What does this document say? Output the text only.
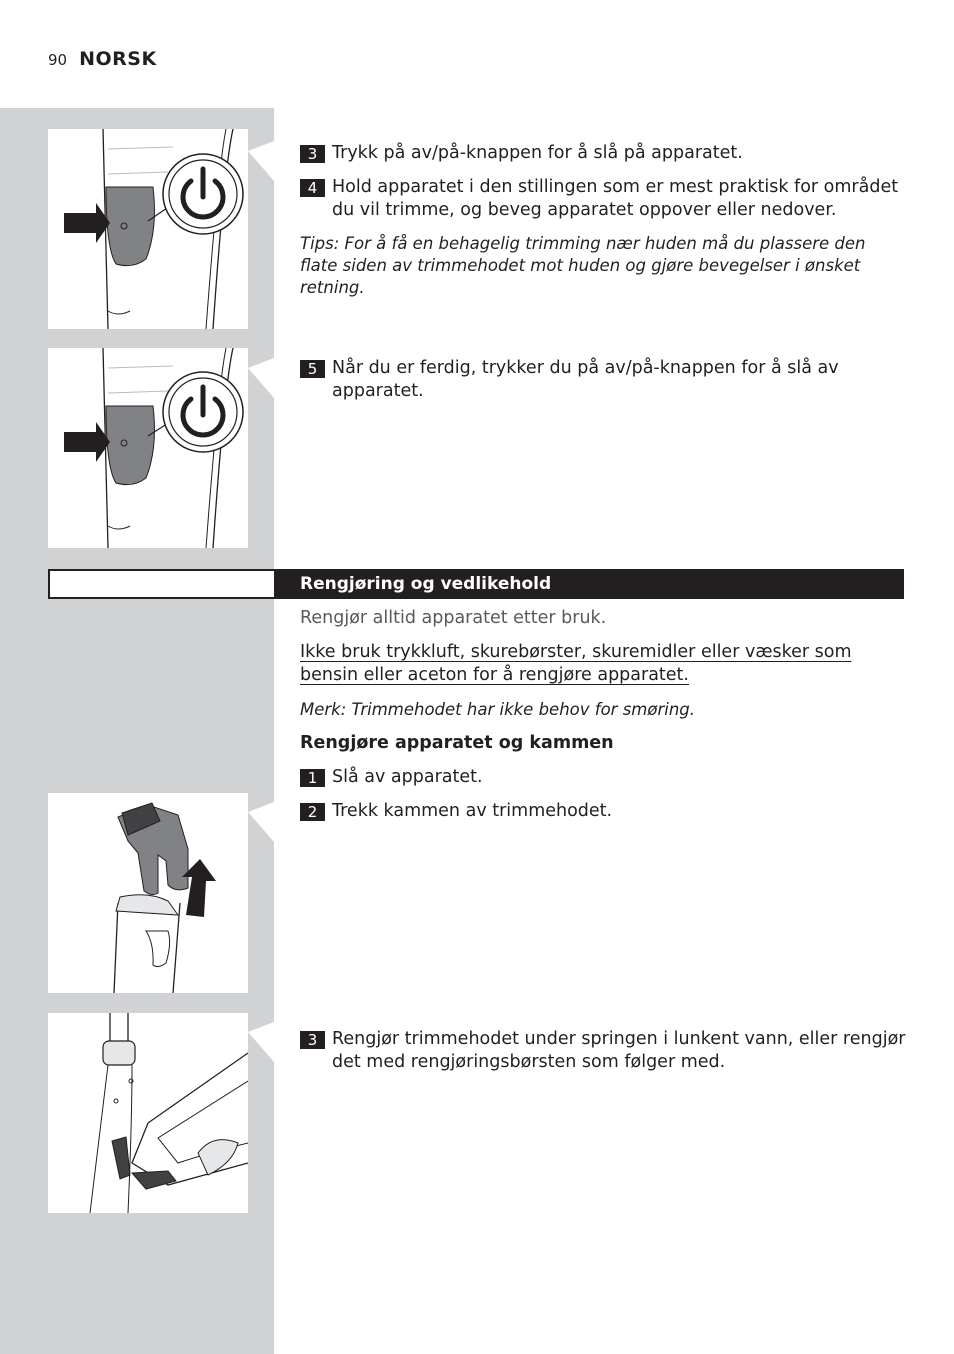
90 NORSK
3 Trykk på av/på-knappen for å slå på apparatet.
4 Hold apparatet i den stillingen som er mest praktisk for området du vil trimme, og beveg apparatet oppover eller nedover.
Tips: For å få en behagelig trimming nær huden må du plassere den flate siden av trimmehodet mot huden og gjøre bevegelser i ønsket retning.
5 Når du er ferdig, trykker du på av/på-knappen for å slå av apparatet.
Rengjøring og vedlikehold
Rengjør alltid apparatet etter bruk.
Ikke bruk trykkluft, skurebørster, skuremidler eller væsker som bensin eller aceton for å rengjøre apparatet.
Merk: Trimmehodet har ikke behov for smøring.
Rengjøre apparatet og kammen
1 Slå av apparatet.
2 Trekk kammen av trimmehodet.
3 Rengjør trimmehodet under springen i lunkent vann, eller rengjør det med rengjøringsbørsten som følger med.
